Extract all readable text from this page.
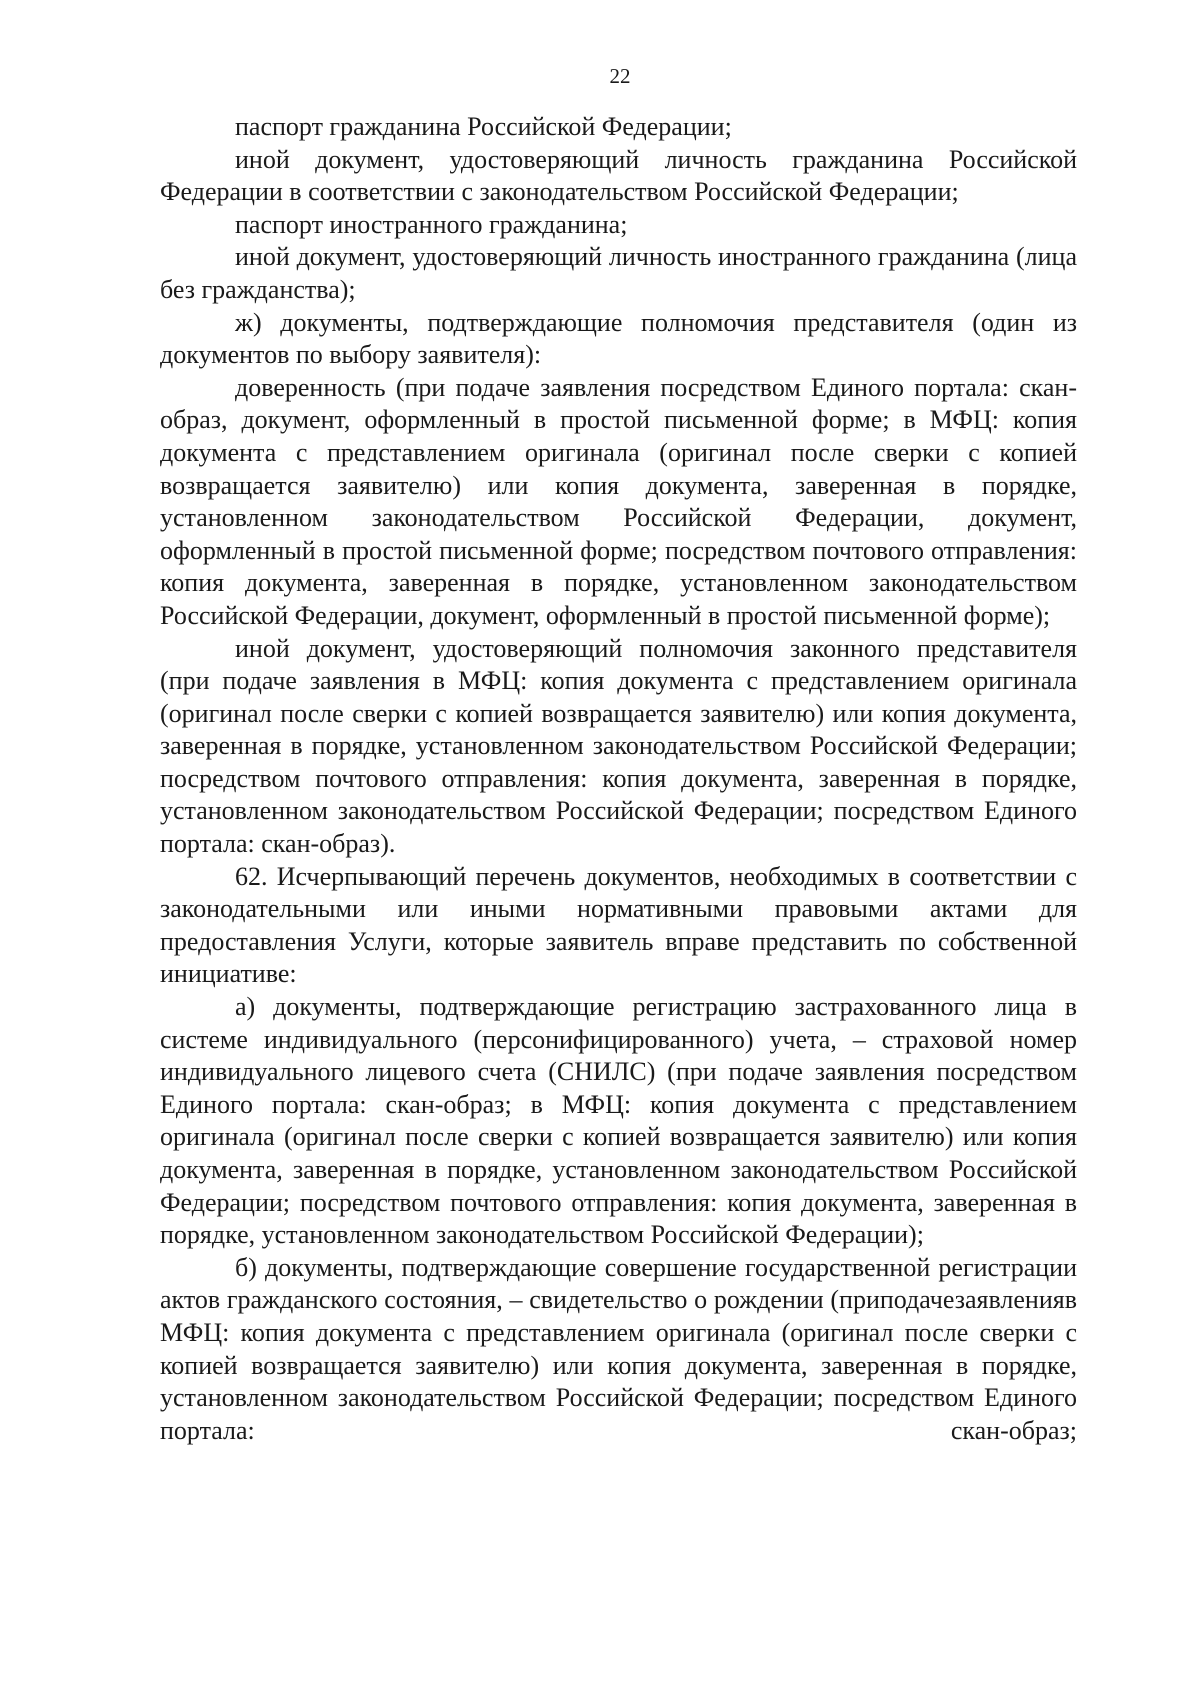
22

паспорт гражданина Российской Федерации;

иной документ, удостоверяющий личность гражданина Российской Федерации в соответствии с законодательством Российской Федерации;

паспорт иностранного гражданина;

иной документ, удостоверяющий личность иностранного гражданина (лица без гражданства);

ж) документы, подтверждающие полномочия представителя (один из документов по выбору заявителя):

доверенность (при подаче заявления посредством Единого портала: скан-образ, документ, оформленный в простой письменной форме; в МФЦ: копия документа с представлением оригинала (оригинал после сверки с копией возвращается заявителю) или копия документа, заверенная в порядке, установленном законодательством Российской Федерации, документ, оформленный в простой письменной форме; посредством почтового отправления: копия документа, заверенная в порядке, установленном законодательством Российской Федерации, документ, оформленный в простой письменной форме);

иной документ, удостоверяющий полномочия законного представителя (при подаче заявления в МФЦ: копия документа с представлением оригинала (оригинал после сверки с копией возвращается заявителю) или копия документа, заверенная в порядке, установленном законодательством Российской Федерации; посредством почтового отправления: копия документа, заверенная в порядке, установленном законодательством Российской Федерации; посредством Единого портала: скан-образ).

62. Исчерпывающий перечень документов, необходимых в соответствии с законодательными или иными нормативными правовыми актами для предоставления Услуги, которые заявитель вправе представить по собственной инициативе:

а) документы, подтверждающие регистрацию застрахованного лица в системе индивидуального (персонифицированного) учета, – страховой номер индивидуального лицевого счета (СНИЛС) (при подаче заявления посредством Единого портала: скан-образ; в МФЦ: копия документа с представлением оригинала (оригинал после сверки с копией возвращается заявителю) или копия документа, заверенная в порядке, установленном законодательством Российской Федерации; посредством почтового отправления: копия документа, заверенная в порядке, установленном законодательством Российской Федерации);

б) документы, подтверждающие совершение государственной регистрации актов гражданского состояния, – свидетельство о рождении (приподачезаявленияв МФЦ: копия документа с представлением оригинала (оригинал после сверки с копией возвращается заявителю) или копия документа, заверенная в порядке, установленном законодательством Российской Федерации; посредством Единого портала: скан-образ;
